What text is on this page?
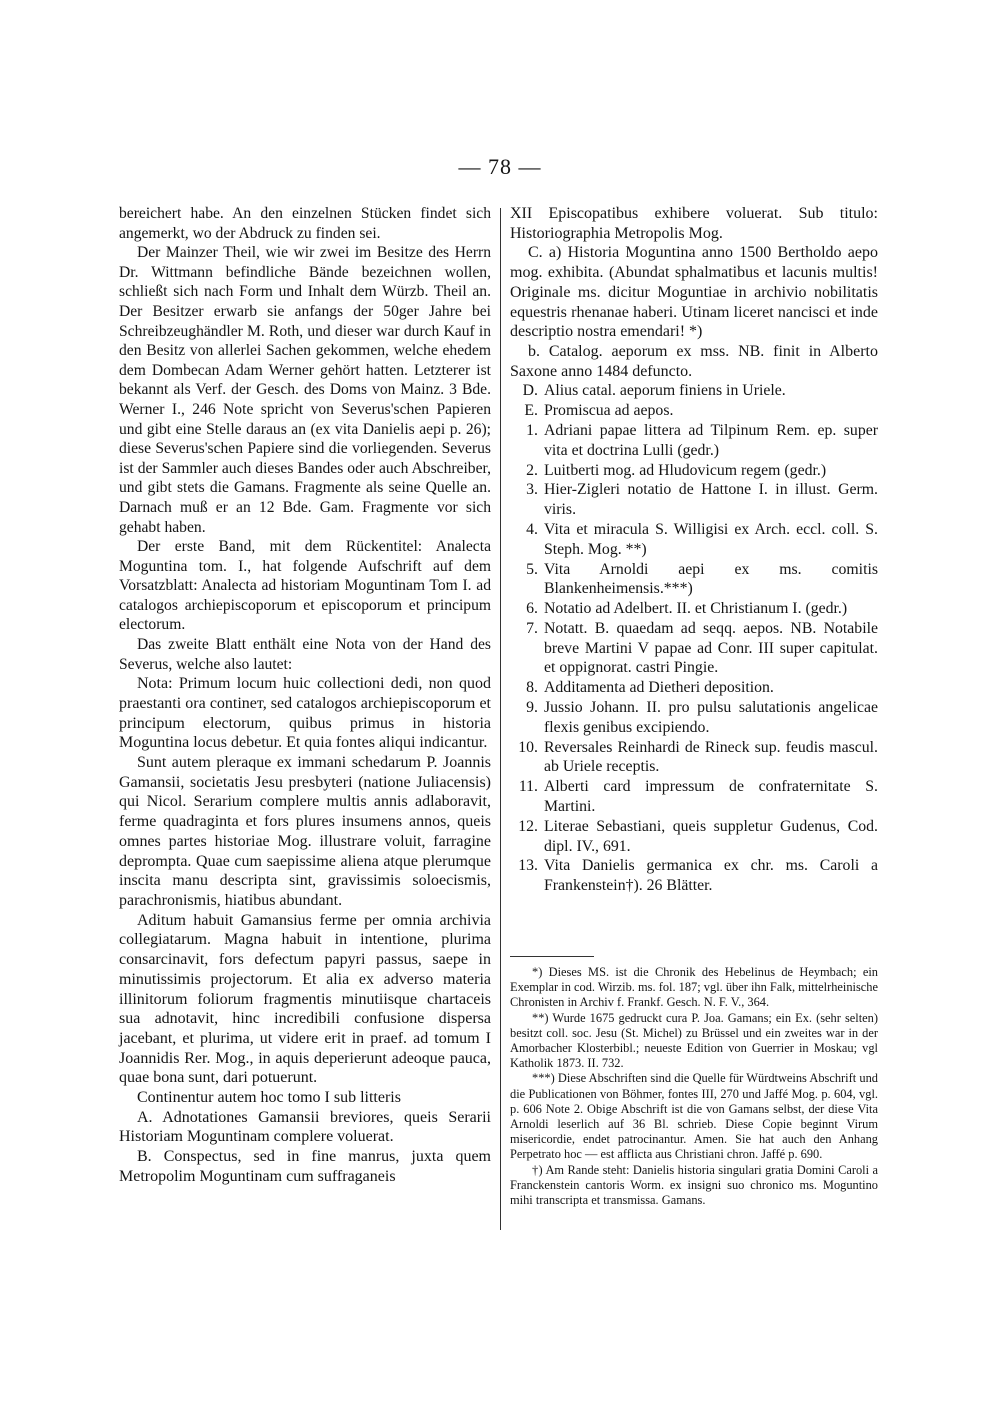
— 78 —

bereichert habe. An den einzelnen Stücken findet sich angemerkt, wo der Abdruck zu finden sei.

Der Mainzer Theil, wie wir zwei im Besitze des Herrn Dr. Wittmann befindliche Bände bezeichnen wollen, schließt sich nach Form und Inhalt dem Würzb. Theil an. Der Besitzer erwarb sie anfangs der 50ger Jahre bei Schreibzeughändler M. Roth, und dieser war durch Kauf in den Besitz von allerlei Sachen gekommen, welche ehedem dem Dombecan Adam Werner gehört hatten. Letzterer ist bekannt als Verf. der Gesch. des Doms von Mainz. 3 Bde. Werner I., 246 Note spricht von Severus'schen Papieren und gibt eine Stelle daraus an (ex vita Danielis aepi p. 26); diese Severus'schen Papiere sind die vorliegenden. Severus ist der Sammler auch dieses Bandes oder auch Abschreiber, und gibt stets die Gamans. Fragmente als seine Quelle an. Darnach muß er an 12 Bde. Gam. Fragmente vor sich gehabt haben.

Der erste Band, mit dem Rückentitel: Analecta Moguntina tom. I., hat folgende Aufschrift auf dem Vorsatzblatt: Analecta ad historiam Moguntinam Tom I. ad catalogos archiepiscoporum et episcoporum et principum electorum.

Das zweite Blatt enthält eine Nota von der Hand des Severus, welche also lautet:

Nota: Primum locum huic collectioni dedi, non quod praestanti ora contineт, sed catalogos archiepiscoporum et principum electorum, quibus primus in historia Moguntina locus debetur. Et quia fontes aliqui indicantur.

Sunt autem pleraque ex immani schedarum P. Joannis Gamansii, societatis Jesu presbyteri (natione Juliacensis) qui Nicol. Serarium complere multis annis adlaboravit, ferme quadraginta et fors plures insumens annos, queis omnes partes historiae Mog. illustrare voluit, farragine deprompta. Quae cum saepissime aliena atque plerumque inscita manu descripta sint, gravissimis soloecismis, parachronismis, hiatibus abundant.

Aditum habuit Gamansius ferme per omnia archivia collegiatarum. Magna habuit in intentione, plurima consarcinavit, fors defectum papyri passus, saepe in minutissimis projectorum. Et alia ex adverso materia illinitorum foliorum fragmentis minutiisque chartaceis sua adnotavit, hinc incredibili confusione dispersa jacebant, et plurima, ut videre erit in praef. ad tomum I Joannidis Rer. Mog., in aquis deperierunt adeoque pauca, quae bona sunt, dari potuerunt.

Continentur autem hoc tomo I sub litteris

A. Adnotationes Gamansii breviores, queis Serarii Historiam Moguntinam complere voluerat.

B. Conspectus, sed in fine manrus, juxta quem Metropolim Moguntinam cum suffraganeis

XII Episcopatibus exhibere voluerat. Sub titulo: Historiographia Metropolis Mog.

C. a) Historia Moguntina anno 1500 Bertholdo aepo mog. exhibita. (Abundat sphalmatibus et lacunis multis! Originale ms. dicitur Moguntiae in archivio nobilitatis equestris rhenanae haberi. Utinam liceret nancisci et inde descriptio nostra emendari! *)

b. Catalog. aeporum ex mss. NB. finit in Alberto Saxone anno 1484 defuncto.

D. Alius catal. aeporum finiens in Uriele.
E. Promiscua ad aepos.
1. Adriani papae littera ad Tilpinum Rem. ep. super vita et doctrina Lulli (gedr.)
2. Luitberti mog. ad Hludovicum regem (gedr.)
3. Hier-Zigleri notatio de Hattone I. in illust. Germ. viris.
4. Vita et miracula S. Willigisi ex Arch. eccl. coll. S. Steph. Mog. **)
5. Vita Arnoldi aepi ex ms. comitis Blankenheimensis.***)
6. Notatio ad Adelbert. II. et Christianum I. (gedr.)
7. Notatt. B. quaedam ad seqq. aepos. NB. Notabile breve Martini V papae ad Conr. III super capitulat. et oppignorat. castri Pingie.
8. Additamenta ad Dietheri deposition.
9. Jussio Johann. II. pro pulsu salutationis angelicae flexis genibus excipiendo.
10. Reversales Reinhardi de Rineck sup. feudis mascul. ab Uriele receptis.
11. Alberti card impressum de confraternitate S. Martini.
12. Literae Sebastiani, queis suppletur Gudenus, Cod. dipl. IV., 691.
13. Vita Danielis germanica ex chr. ms. Caroli a Frankenstein†). 26 Blätter.

*) Dieses MS. ist die Chronik des Hebelinus de Heymbach; ein Exemplar in cod. Wirzib. ms. fol. 187; vgl. über ihn Falk, mittelrheinische Chronisten in Archiv f. Frankf. Gesch. N. F. V., 364.

**) Wurde 1675 gedruckt cura P. Joa. Gamans; ein Ex. (sehr selten) besitzt coll. soc. Jesu (St. Michel) zu Brüssel und ein zweites war in der Amorbacher Klosterbibl.; neueste Edition von Guerrier in Moskau; vgl Katholik 1873. II. 732.

***) Diese Abschriften sind die Quelle für Würdtweins Abschrift und die Publicationen von Böhmer, fontes III, 270 und Jaffé Mog. p. 604, vgl. p. 606 Note 2. Obige Abschrift ist die von Gamans selbst, der diese Vita Arnoldi leserlich auf 36 Bl. schrieb. Diese Copie beginnt Virum misericordie, endet patrocinantur. Amen. Sie hat auch den Anhang Perpetrato hoc — est afflicta aus Christiani chron. Jaffé p. 690.

†) Am Rande steht: Danielis historia singulari gratia Domini Caroli a Franckenstein cantoris Worm. ex insigni suo chronico ms. Moguntino mihi transcripta et transmissa. Gamans.
